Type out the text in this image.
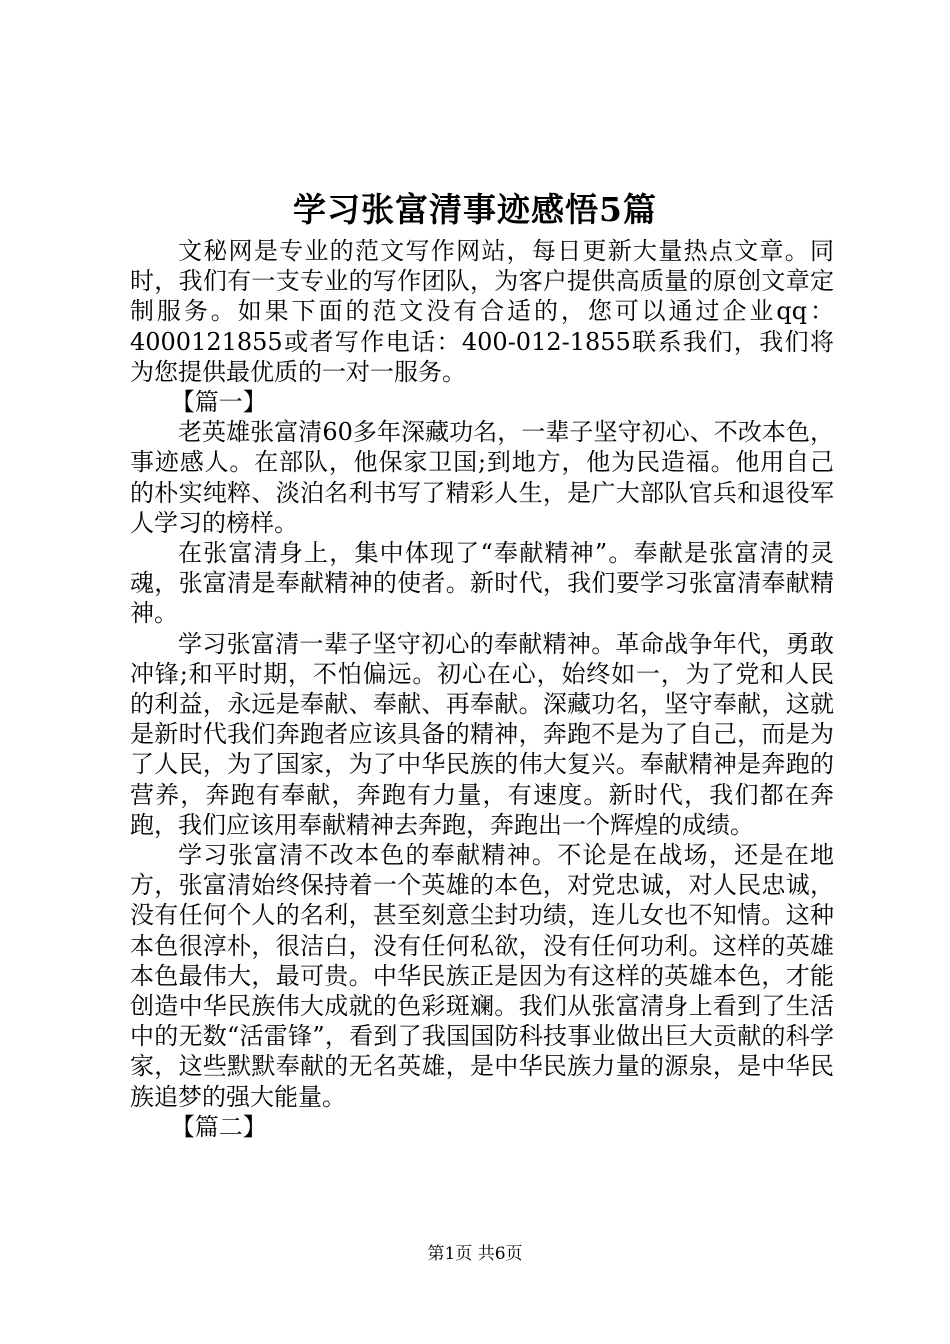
学习张富清事迹感悟5篇

文秘网是专业的范文写作网站，每日更新大量热点文章。同时，我们有一支专业的写作团队，为客户提供高质量的原创文章定制服务。如果下面的范文没有合适的，您可以通过企业qq：4000121855或者写作电话：400-012-1855联系我们，我们将为您提供最优质的一对一服务。

【篇一】

老英雄张富清60多年深藏功名，一辈子坚守初心、不改本色，事迹感人。在部队，他保家卫国;到地方，他为民造福。他用自己的朴实纯粹、淡泊名利书写了精彩人生，是广大部队官兵和退役军人学习的榜样。

在张富清身上，集中体现了“奉献精神”。奉献是张富清的灵魂，张富清是奉献精神的使者。新时代，我们要学习张富清奉献精神。

学习张富清一辈子坚守初心的奉献精神。革命战争年代，勇敢冲锋;和平时期，不怕偏远。初心在心，始终如一，为了党和人民的利益，永远是奉献、奉献、再奉献。深藏功名，坚守奉献，这就是新时代我们奔跑者应该具备的精神，奔跑不是为了自己，而是为了人民，为了国家，为了中华民族的伟大复兴。奉献精神是奔跑的营养，奔跑有奉献，奔跑有力量，有速度。新时代，我们都在奔跑，我们应该用奉献精神去奔跑，奔跑出一个辉煌的成绩。

学习张富清不改本色的奉献精神。不论是在战场，还是在地方，张富清始终保持着一个英雄的本色，对党忠诚，对人民忠诚，没有任何个人的名利，甚至刻意尘封功绩，连儿女也不知情。这种本色很淳朴，很洁白，没有任何私欲，没有任何功利。这样的英雄本色最伟大，最可贵。中华民族正是因为有这样的英雄本色，才能创造中华民族伟大成就的色彩斑斓。我们从张富清身上看到了生活中的无数“活雷锋”，看到了我国国防科技事业做出巨大贡献的科学家，这些默默奉献的无名英雄，是中华民族力量的源泉，是中华民族追梦的强大能量。

【篇二】

第1页 共6页
